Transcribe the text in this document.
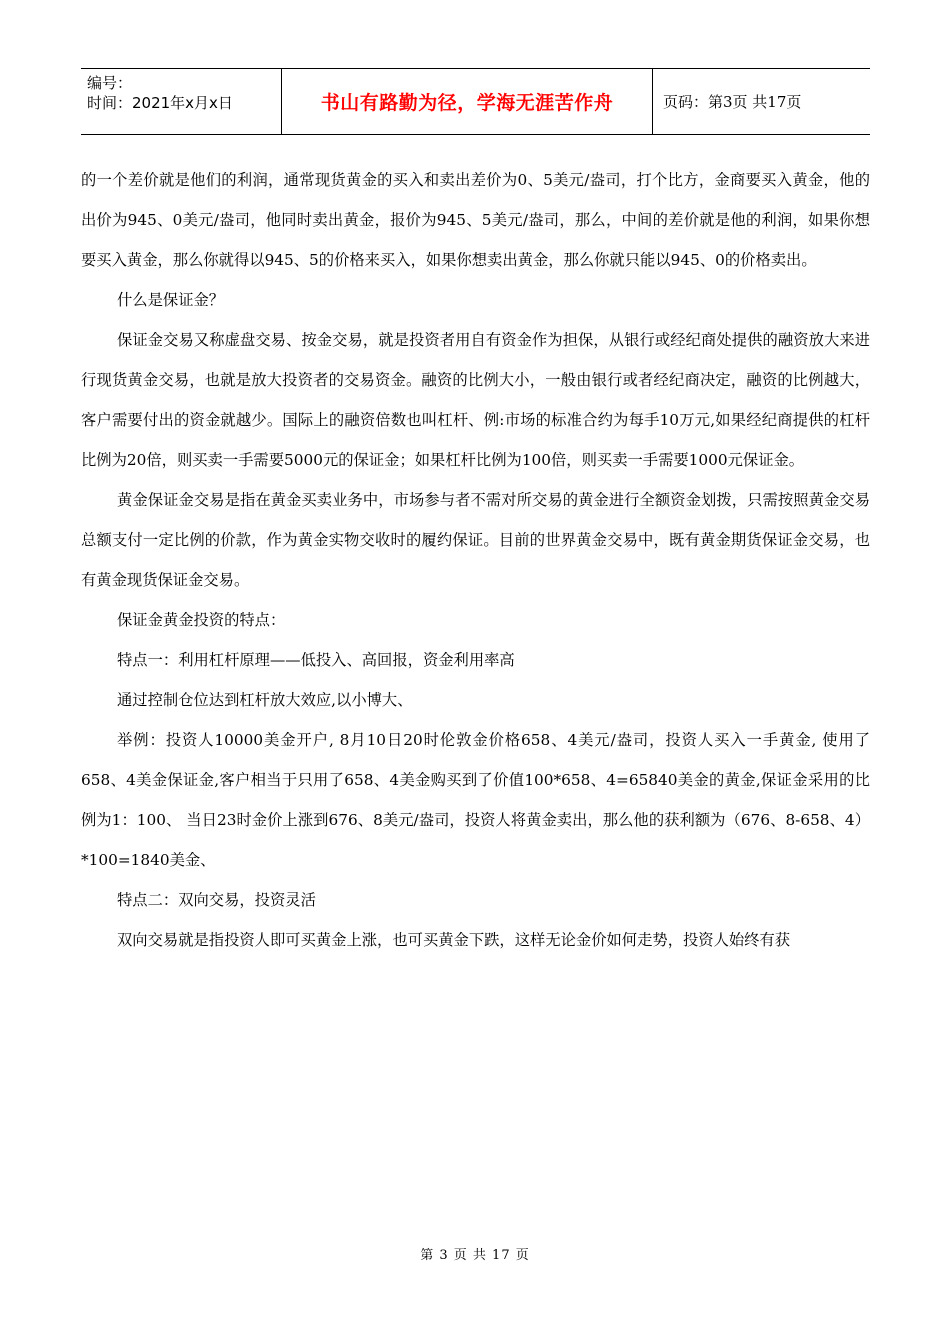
编号：
时间：2021年x月x日	书山有路勤为径，学海无涯苦作舟	页码：第3页 共17页

的一个差价就是他们的利润，通常现货黄金的买入和卖出差价为0、5美元/盎司，打个比方，金商要买入黄金，他的出价为945、0美元/盎司，他同时卖出黄金，报价为945、5美元/盎司，那么，中间的差价就是他的利润，如果你想要买入黄金，那么你就得以945、5的价格来买入，如果你想卖出黄金，那么你就只能以945、0的价格卖出。

什么是保证金？

保证金交易又称虚盘交易、按金交易，就是投资者用自有资金作为担保，从银行或经纪商处提供的融资放大来进行现货黄金交易，也就是放大投资者的交易资金。融资的比例大小，一般由银行或者经纪商决定，融资的比例越大，客户需要付出的资金就越少。国际上的融资倍数也叫杠杆、例:市场的标准合约为每手10万元,如果经纪商提供的杠杆比例为20倍，则买卖一手需要5000元的保证金；如果杠杆比例为100倍，则买卖一手需要1000元保证金。

黄金保证金交易是指在黄金买卖业务中，市场参与者不需对所交易的黄金进行全额资金划拨，只需按照黄金交易总额支付一定比例的价款，作为黄金实物交收时的履约保证。目前的世界黄金交易中，既有黄金期货保证金交易，也有黄金现货保证金交易。

保证金黄金投资的特点：

特点一：利用杠杆原理——低投入、高回报，资金利用率高

通过控制仓位达到杠杆放大效应,以小博大、

举例：投资人10000美金开户, 8月10日20时伦敦金价格658、4美元/盎司，投资人买入一手黄金, 使用了658、4美金保证金,客户相当于只用了658、4美金购买到了价值100*658、4=65840美金的黄金,保证金采用的比例为1：100、 当日23时金价上涨到676、8美元/盎司，投资人将黄金卖出，那么他的获利额为（676、8-658、4）*100=1840美金、

特点二：双向交易，投资灵活

双向交易就是指投资人即可买黄金上涨，也可买黄金下跌，这样无论金价如何走势，投资人始终有获

第 3 页 共 17 页
